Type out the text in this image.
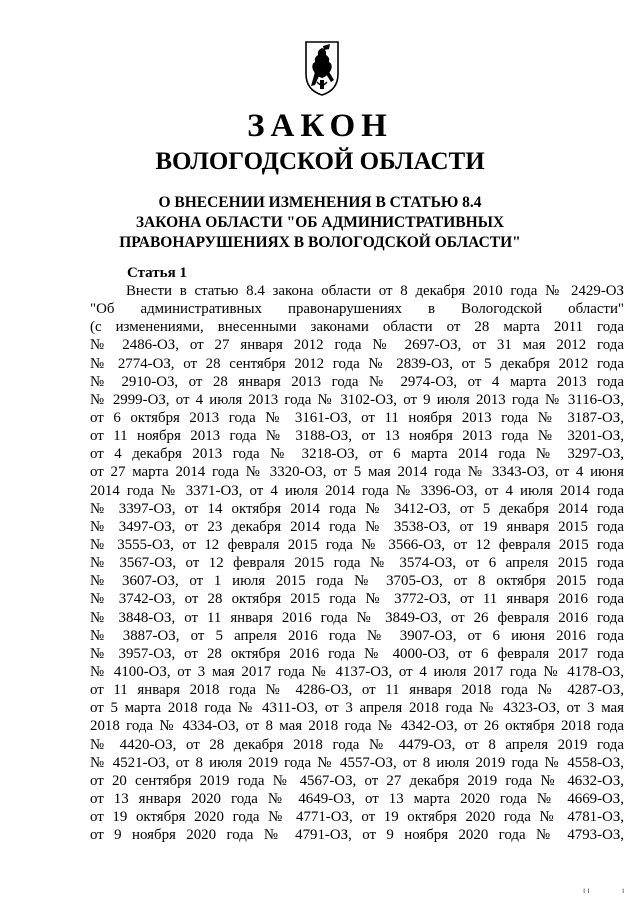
ЗАКОН
ВОЛОГОДСКОЙ ОБЛАСТИ
О ВНЕСЕНИИ ИЗМЕНЕНИЯ В СТАТЬЮ 8.4
ЗАКОНА ОБЛАСТИ "ОБ АДМИНИСТРАТИВНЫХ
ПРАВОНАРУШЕНИЯХ В ВОЛОГОДСКОЙ ОБЛАСТИ"
Статья 1
Внести в статью 8.4 закона области от 8 декабря 2010 года № 2429-ОЗ
"Об административных правонарушениях в Вологодской области"
(с изменениями, внесенными законами области от 28 марта 2011 года
№ 2486-ОЗ, от 27 января 2012 года № 2697-ОЗ, от 31 мая 2012 года
№ 2774-ОЗ, от 28 сентября 2012 года № 2839-ОЗ, от 5 декабря 2012 года
№ 2910-ОЗ, от 28 января 2013 года № 2974-ОЗ, от 4 марта 2013 года
№ 2999-ОЗ, от 4 июля 2013 года № 3102-ОЗ, от 9 июля 2013 года № 3116-ОЗ,
от 6 октября 2013 года № 3161-ОЗ, от 11 ноября 2013 года № 3187-ОЗ,
от 11 ноября 2013 года № 3188-ОЗ, от 13 ноября 2013 года № 3201-ОЗ,
от 4 декабря 2013 года № 3218-ОЗ, от 6 марта 2014 года № 3297-ОЗ,
от 27 марта 2014 года № 3320-ОЗ, от 5 мая 2014 года № 3343-ОЗ, от 4 июня
2014 года № 3371-ОЗ, от 4 июля 2014 года № 3396-ОЗ, от 4 июля 2014 года
№ 3397-ОЗ, от 14 октября 2014 года № 3412-ОЗ, от 5 декабря 2014 года
№ 3497-ОЗ, от 23 декабря 2014 года № 3538-ОЗ, от 19 января 2015 года
№ 3555-ОЗ, от 12 февраля 2015 года № 3566-ОЗ, от 12 февраля 2015 года
№ 3567-ОЗ, от 12 февраля 2015 года № 3574-ОЗ, от 6 апреля 2015 года
№ 3607-ОЗ, от 1 июля 2015 года № 3705-ОЗ, от 8 октября 2015 года
№ 3742-ОЗ, от 28 октября 2015 года № 3772-ОЗ, от 11 января 2016 года
№ 3848-ОЗ, от 11 января 2016 года № 3849-ОЗ, от 26 февраля 2016 года
№ 3887-ОЗ, от 5 апреля 2016 года № 3907-ОЗ, от 6 июня 2016 года
№ 3957-ОЗ, от 28 октября 2016 года № 4000-ОЗ, от 6 февраля 2017 года
№ 4100-ОЗ, от 3 мая 2017 года № 4137-ОЗ, от 4 июля 2017 года № 4178-ОЗ,
от 11 января 2018 года № 4286-ОЗ, от 11 января 2018 года № 4287-ОЗ,
от 5 марта 2018 года № 4311-ОЗ, от 3 апреля 2018 года № 4323-ОЗ, от 3 мая
2018 года № 4334-ОЗ, от 8 мая 2018 года № 4342-ОЗ, от 26 октября 2018 года
№ 4420-ОЗ, от 28 декабря 2018 года № 4479-ОЗ, от 8 апреля 2019 года
№ 4521-ОЗ, от 8 июля 2019 года № 4557-ОЗ, от 8 июля 2019 года № 4558-ОЗ,
от 20 сентября 2019 года № 4567-ОЗ, от 27 декабря 2019 года № 4632-ОЗ,
от 13 января 2020 года № 4649-ОЗ, от 13 марта 2020 года № 4669-ОЗ,
от 19 октября 2020 года № 4771-ОЗ, от 19 октября 2020 года № 4781-ОЗ,
от 9 ноября 2020 года № 4791-ОЗ, от 9 ноября 2020 года № 4793-ОЗ,
ı ı	ı
